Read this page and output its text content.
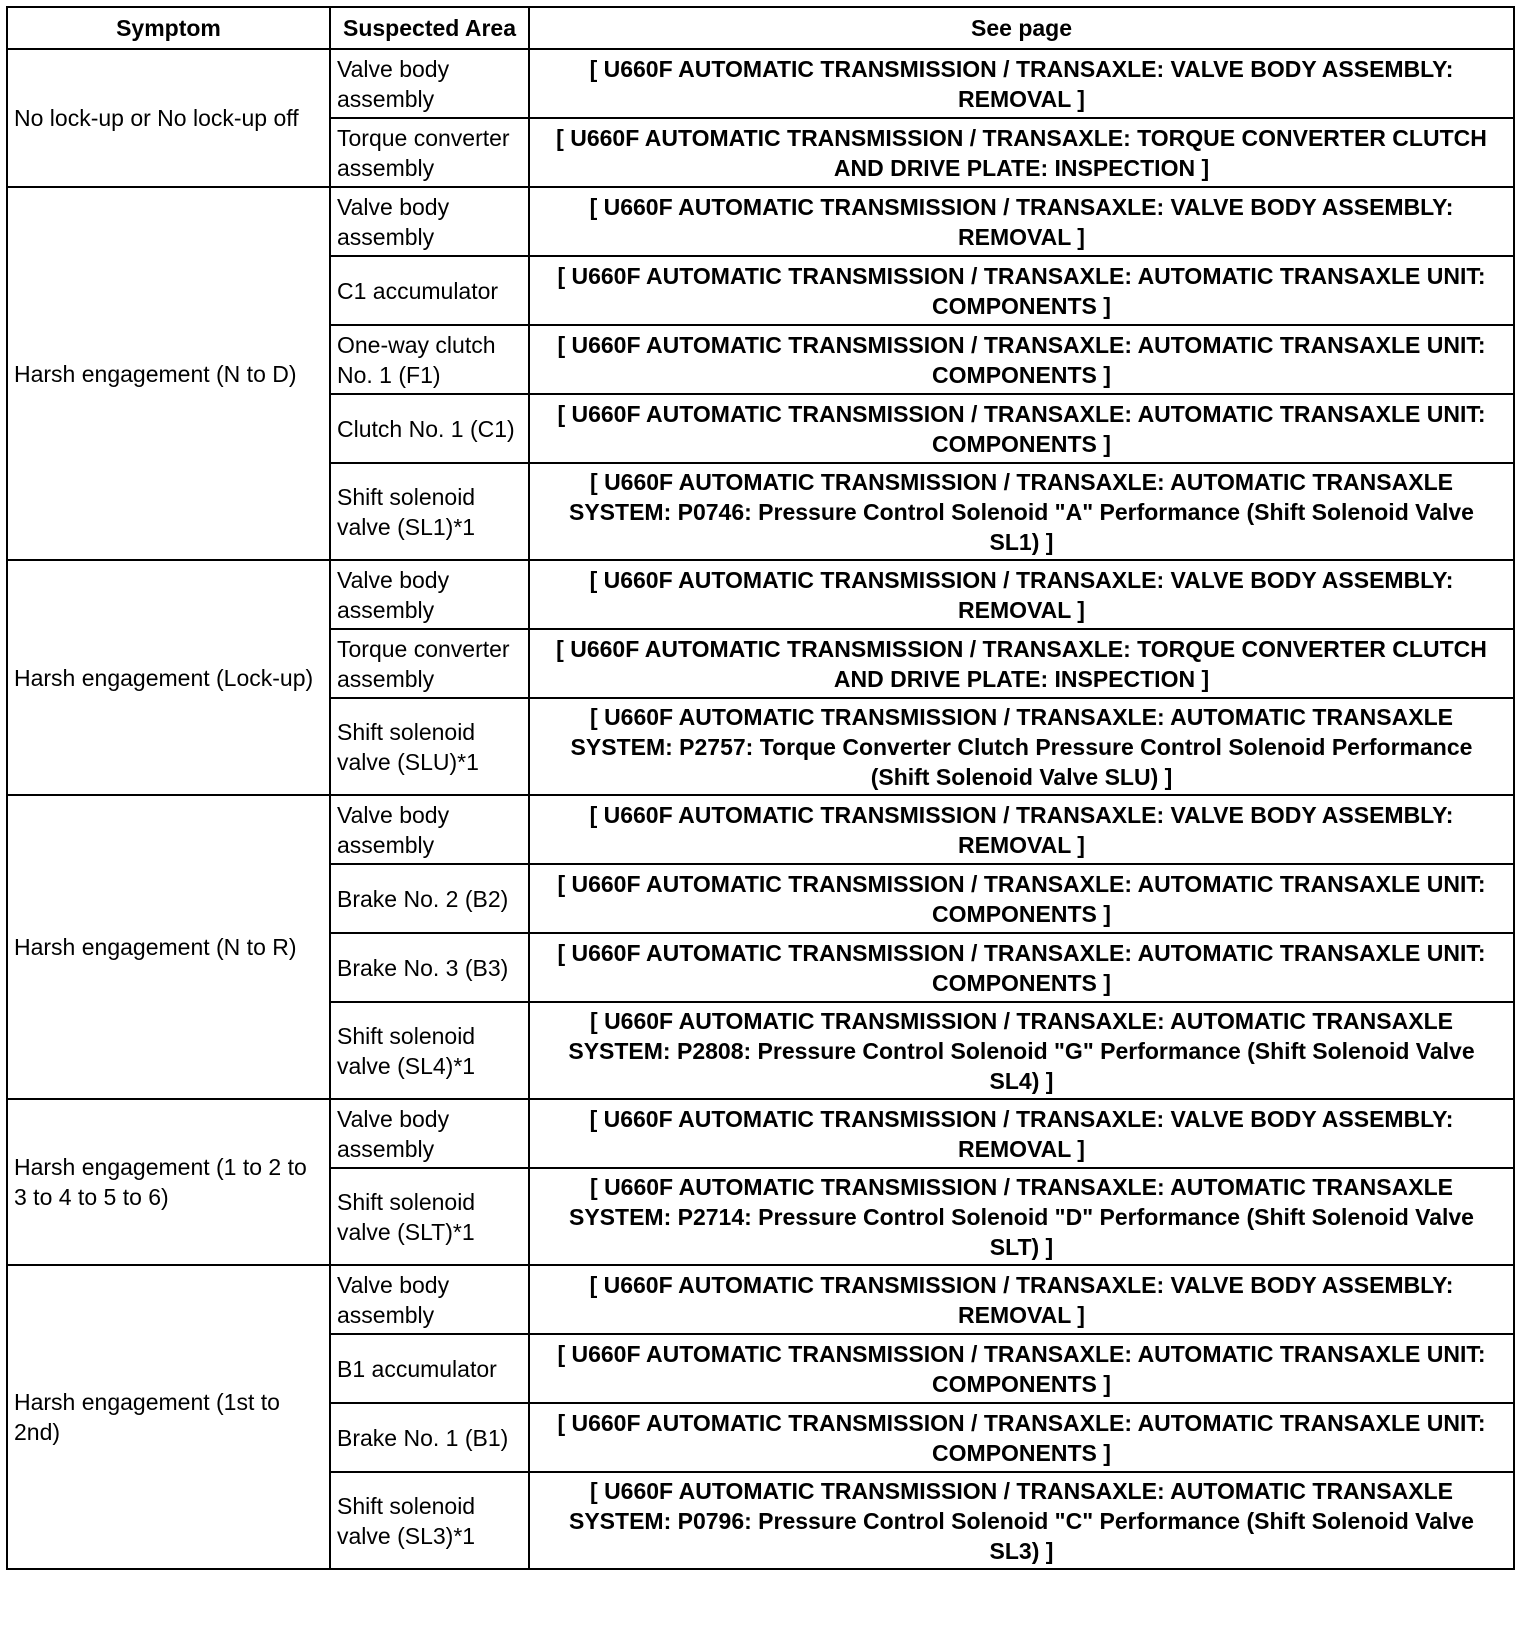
Symptom	Suspected Area	See page
No lock-up or No lock-up off	Valve body assembly	[ U660F AUTOMATIC TRANSMISSION / TRANSAXLE: VALVE BODY ASSEMBLY: REMOVAL ]
	Torque converter assembly	[ U660F AUTOMATIC TRANSMISSION / TRANSAXLE: TORQUE CONVERTER CLUTCH AND DRIVE PLATE: INSPECTION ]
Harsh engagement (N to D)	Valve body assembly	[ U660F AUTOMATIC TRANSMISSION / TRANSAXLE: VALVE BODY ASSEMBLY: REMOVAL ]
	C1 accumulator	[ U660F AUTOMATIC TRANSMISSION / TRANSAXLE: AUTOMATIC TRANSAXLE UNIT: COMPONENTS ]
	One-way clutch No. 1 (F1)	[ U660F AUTOMATIC TRANSMISSION / TRANSAXLE: AUTOMATIC TRANSAXLE UNIT: COMPONENTS ]
	Clutch No. 1 (C1)	[ U660F AUTOMATIC TRANSMISSION / TRANSAXLE: AUTOMATIC TRANSAXLE UNIT: COMPONENTS ]
	Shift solenoid valve (SL1)*1	[ U660F AUTOMATIC TRANSMISSION / TRANSAXLE: AUTOMATIC TRANSAXLE SYSTEM: P0746: Pressure Control Solenoid "A" Performance (Shift Solenoid Valve SL1) ]
Harsh engagement (Lock-up)	Valve body assembly	[ U660F AUTOMATIC TRANSMISSION / TRANSAXLE: VALVE BODY ASSEMBLY: REMOVAL ]
	Torque converter assembly	[ U660F AUTOMATIC TRANSMISSION / TRANSAXLE: TORQUE CONVERTER CLUTCH AND DRIVE PLATE: INSPECTION ]
	Shift solenoid valve (SLU)*1	[ U660F AUTOMATIC TRANSMISSION / TRANSAXLE: AUTOMATIC TRANSAXLE SYSTEM: P2757: Torque Converter Clutch Pressure Control Solenoid Performance (Shift Solenoid Valve SLU) ]
Harsh engagement (N to R)	Valve body assembly	[ U660F AUTOMATIC TRANSMISSION / TRANSAXLE: VALVE BODY ASSEMBLY: REMOVAL ]
	Brake No. 2 (B2)	[ U660F AUTOMATIC TRANSMISSION / TRANSAXLE: AUTOMATIC TRANSAXLE UNIT: COMPONENTS ]
	Brake No. 3 (B3)	[ U660F AUTOMATIC TRANSMISSION / TRANSAXLE: AUTOMATIC TRANSAXLE UNIT: COMPONENTS ]
	Shift solenoid valve (SL4)*1	[ U660F AUTOMATIC TRANSMISSION / TRANSAXLE: AUTOMATIC TRANSAXLE SYSTEM: P2808: Pressure Control Solenoid "G" Performance (Shift Solenoid Valve SL4) ]
Harsh engagement (1 to 2 to 3 to 4 to 5 to 6)	Valve body assembly	[ U660F AUTOMATIC TRANSMISSION / TRANSAXLE: VALVE BODY ASSEMBLY: REMOVAL ]
	Shift solenoid valve (SLT)*1	[ U660F AUTOMATIC TRANSMISSION / TRANSAXLE: AUTOMATIC TRANSAXLE SYSTEM: P2714: Pressure Control Solenoid "D" Performance (Shift Solenoid Valve SLT) ]
Harsh engagement (1st to 2nd)	Valve body assembly	[ U660F AUTOMATIC TRANSMISSION / TRANSAXLE: VALVE BODY ASSEMBLY: REMOVAL ]
	B1 accumulator	[ U660F AUTOMATIC TRANSMISSION / TRANSAXLE: AUTOMATIC TRANSAXLE UNIT: COMPONENTS ]
	Brake No. 1 (B1)	[ U660F AUTOMATIC TRANSMISSION / TRANSAXLE: AUTOMATIC TRANSAXLE UNIT: COMPONENTS ]
	Shift solenoid valve (SL3)*1	[ U660F AUTOMATIC TRANSMISSION / TRANSAXLE: AUTOMATIC TRANSAXLE SYSTEM: P0796: Pressure Control Solenoid "C" Performance (Shift Solenoid Valve SL3) ]
